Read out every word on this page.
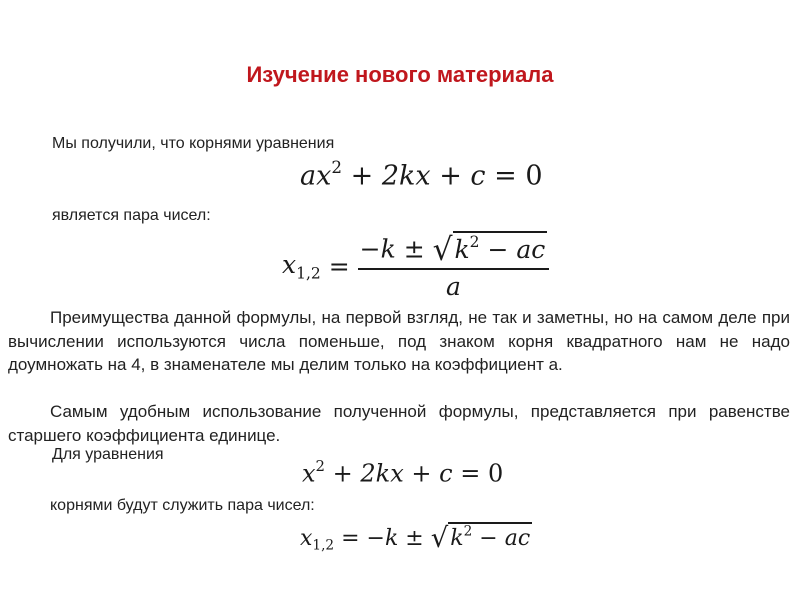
Изучение нового материала
Мы получили, что корнями уравнения
$ax^2 + 2kx + c = 0$
является пара чисел:
$x_{1,2} = \frac{-k \pm √k^2 - ac}{a}$
Преимущества данной формулы, на первой взгляд, не так и заметны, но на самом деле при вычислении используются числа поменьше, под знаком корня квадратного нам не надо доумножать на 4, в знаменателе мы делим только на коэффициент a.
Самым удобным использование полученной формулы, представляется при равенстве старшего коэффициента единице.
Для уравнения
$x^2 + 2kx + c = 0$
корнями будут служить пара чисел:
$x_{1,2} = -k \pm √k^2$ − ac
